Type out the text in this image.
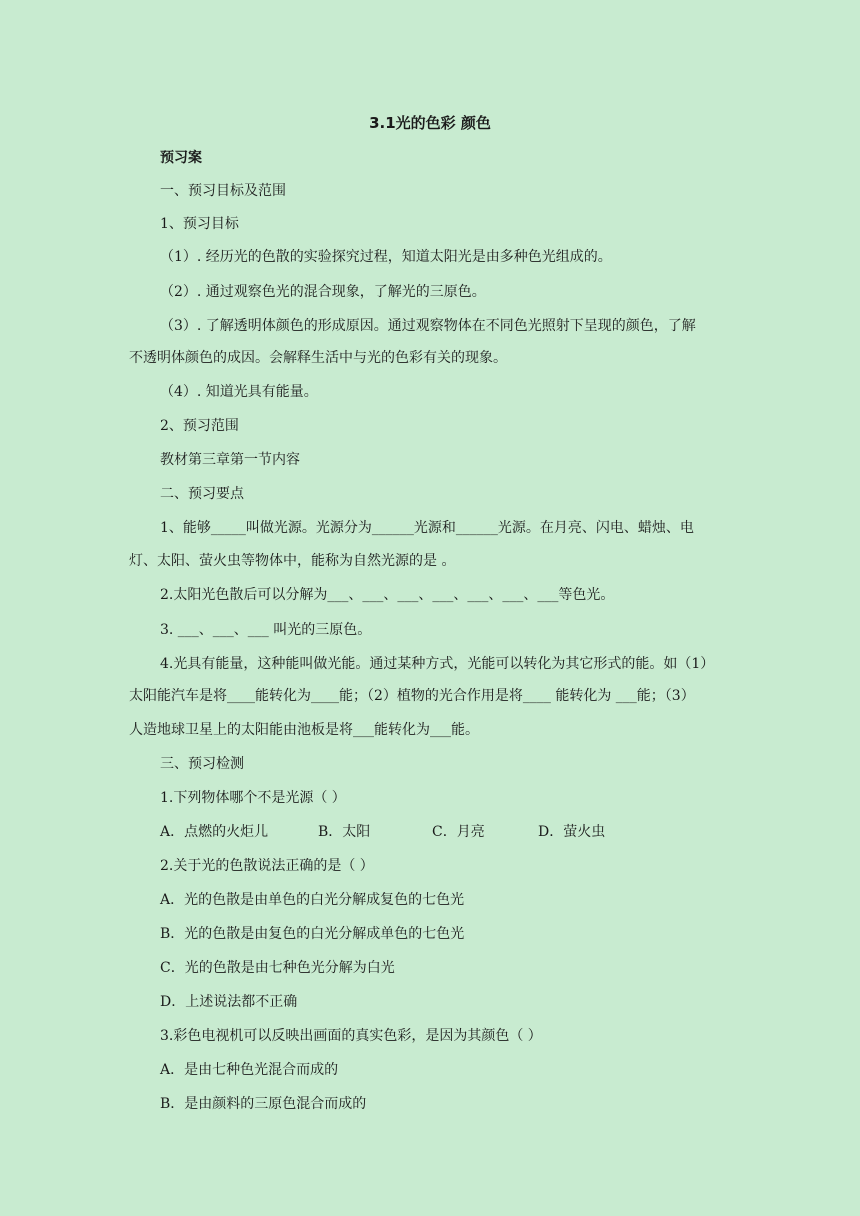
3.1光的色彩 颜色
预习案
一、预习目标及范围
1、预习目标
（1）. 经历光的色散的实验探究过程，知道太阳光是由多种色光组成的。
（2）. 通过观察色光的混合现象，了解光的三原色。
（3）. 了解透明体颜色的形成原因。通过观察物体在不同色光照射下呈现的颜色，了解
不透明体颜色的成因。会解释生活中与光的色彩有关的现象。
（4）. 知道光具有能量。
2、预习范围
教材第三章第一节内容
二、预习要点
1、能够_____叫做光源。光源分为______光源和______光源。在月亮、闪电、蜡烛、电
灯、太阳、萤火虫等物体中，能称为自然光源的是 。
2.太阳光色散后可以分解为___、___、___、___、___、___、___等色光。
3. ___、___、___ 叫光的三原色。
4.光具有能量，这种能叫做光能。通过某种方式，光能可以转化为其它形式的能。如（1）
太阳能汽车是将____能转化为____能；（2）植物的光合作用是将____ 能转化为 ___能；（3）
人造地球卫星上的太阳能由池板是将___能转化为___能。
三、预习检测
1.下列物体哪个不是光源（ ）
A．点燃的火炬儿	B．太阳	C．月亮	D．萤火虫
2.关于光的色散说法正确的是（ ）
A．光的色散是由单色的白光分解成复色的七色光
B．光的色散是由复色的白光分解成单色的七色光
C．光的色散是由七种色光分解为白光
D．上述说法都不正确
3.彩色电视机可以反映出画面的真实色彩，是因为其颜色（ ）
A．是由七种色光混合而成的
B．是由颜料的三原色混合而成的
